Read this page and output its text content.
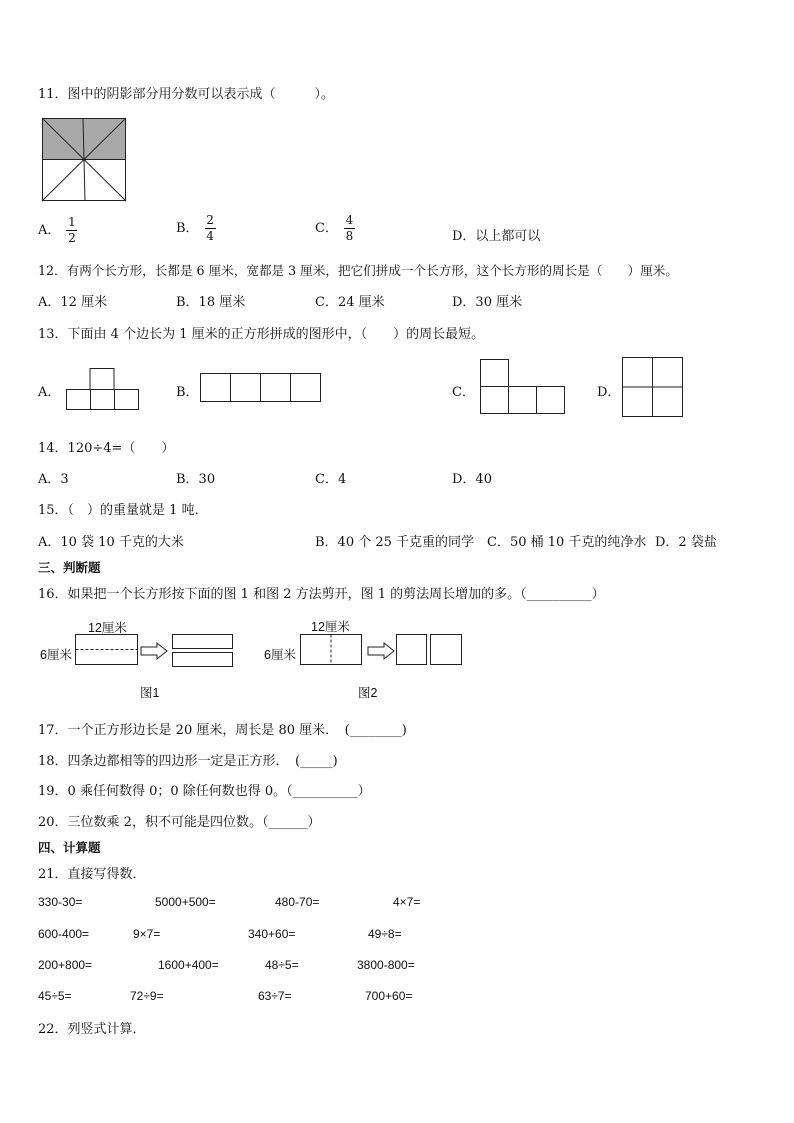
11．图中的阴影部分用分数可以表示成（　　　）。
A． $\frac{1}{2}$	B． $\frac{2}{4}$	C． $\frac{4}{8}$	D．以上都可以
12．有两个长方形，长都是 6 厘米，宽都是 3 厘米，把它们拼成一个长方形，这个长方形的周长是（　　）厘米。
A．12 厘米	B．18 厘米	C．24 厘米	D．30 厘米
13．下面由 4 个边长为 1 厘米的正方形拼成的图形中，（　　）的周长最短。
A．	B．	C．	D．
14．120÷4=（　　）
A．3	B．30	C．4	D．40
15．（　）的重量就是 1 吨．
A．10 袋 10 千克的大米	B．40 个 25 千克重的同学 C．50 桶 10 千克的纯净水 D．2 袋盐
三、判断题
16．如果把一个长方形按下面的图 1 和图 2 方法剪开，图 1 的剪法周长增加的多。（__________）
12厘米
6厘米
图1
12厘米
6厘米
图2
17．一个正方形边长是 20 厘米，周长是 80 厘米．　(________)
18．四条边都相等的四边形一定是正方形．　(_____)
19．0 乘任何数得 0；0 除任何数也得 0。（__________）
20．三位数乘 2，积不可能是四位数。（______）
四、计算题
21．直接写得数．
330-30=	5000+500=	480-70=	4×7=
600-400=	9×7=	340+60=	49÷8=
200+800=	1600+400=	48÷5=	3800-800=
45÷5=	72÷9=	63÷7=	700+60=
22．列竖式计算．
